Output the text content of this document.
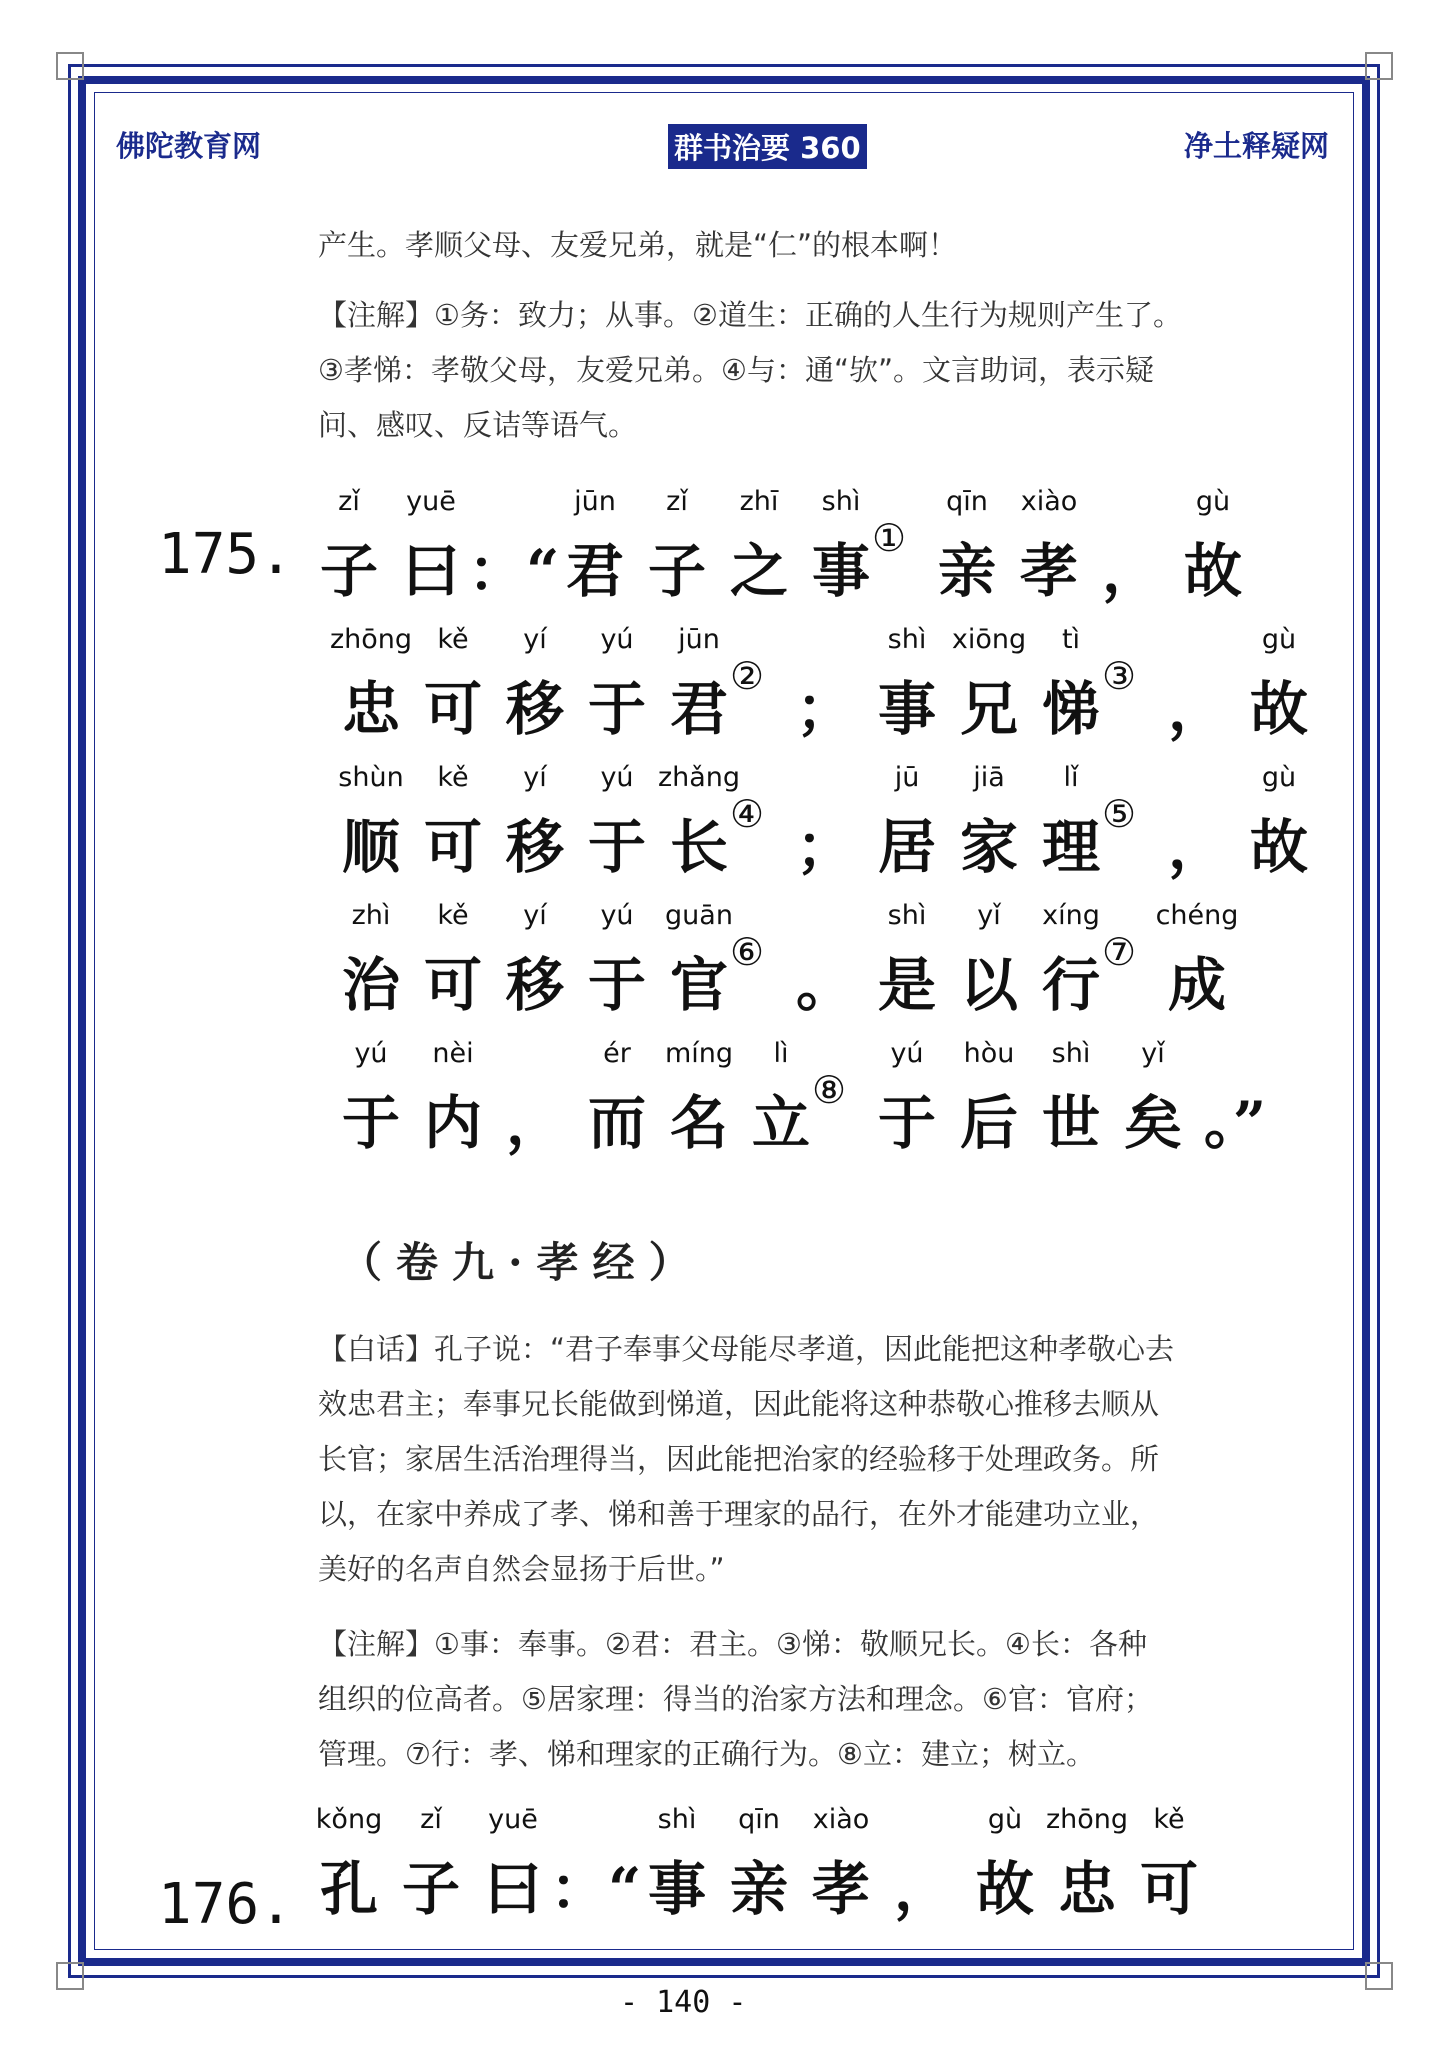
佛陀教育网	群书治要 360	净土释疑网

产生。孝顺父母、友爱兄弟，就是“仁”的根本啊！

【注解】①务：致力；从事。②道生：正确的人生行为规则产生了。

③孝悌：孝敬父母，友爱兄弟。④与：通“欤”。文言助词，表示疑

问、感叹、反诘等语气。

175.
zǐ
子
yuē
曰 ：“
jūn
君
zǐ
子
zhī
之
shì
事 ①
qīn
亲
xiào
孝 ，
gù
故
zhōng
忠
kě
可
yí
移
yú
于
jūn
君 ② ；
shì
事
xiōng
兄
tì
悌 ③ ，
gù
故
shùn
顺
kě
可
yí
移
yú
于
zhǎng
长 ④ ；
jū
居
jiā
家
lǐ
理 ⑤ ，
gù
故
zhì
治
kě
可
yí
移
yú
于
guān
官 ⑥ 。
shì
是
yǐ
以
xíng
行 ⑦
chéng
成
yú
于
nèi
内 ，
ér
而
míng
名
lì
立 ⑧
yú
于
hòu
后
shì
世
yǐ
矣 。”
（卷九·孝经）

【白话】孔子说：“君子奉事父母能尽孝道，因此能把这种孝敬心去

效忠君主；奉事兄长能做到悌道，因此能将这种恭敬心推移去顺从

长官；家居生活治理得当，因此能把治家的经验移于处理政务。所

以，在家中养成了孝、悌和善于理家的品行，在外才能建功立业，

美好的名声自然会显扬于后世。”

【注解】①事：奉事。②君：君主。③悌：敬顺兄长。④长：各种

组织的位高者。⑤居家理：得当的治家方法和理念。⑥官：官府；

管理。⑦行：孝、悌和理家的正确行为。⑧立：建立；树立。

176.
kǒng
孔
zǐ
子
yuē
曰 ：“
shì
事
qīn
亲
xiào
孝 ，
gù
故
zhōng
忠
kě
可
- 140 -
